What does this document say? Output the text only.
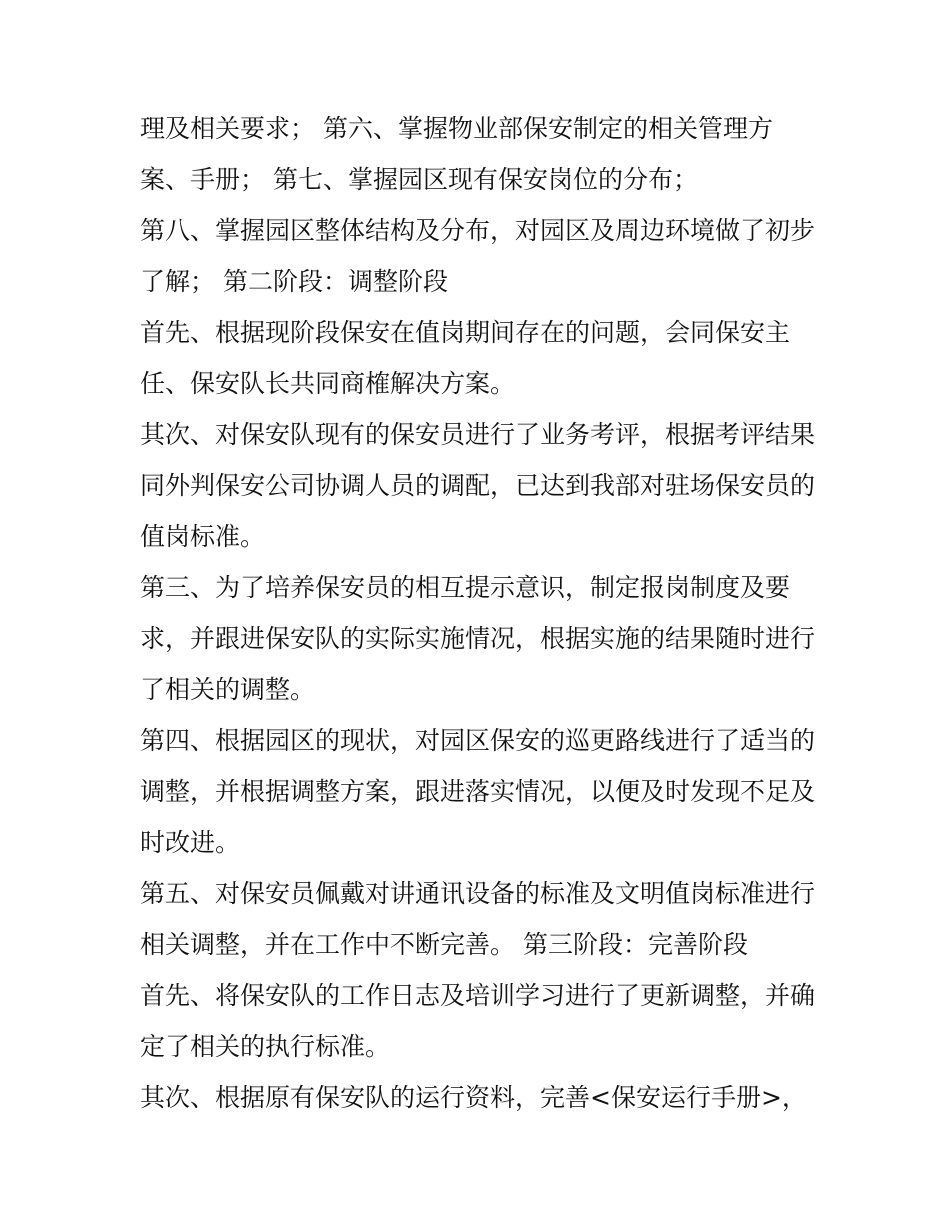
理及相关要求； 第六、掌握物业部保安制定的相关管理方
案、手册； 第七、掌握园区现有保安岗位的分布；
第八、掌握园区整体结构及分布，对园区及周边环境做了初步
了解； 第二阶段：调整阶段
首先、根据现阶段保安在值岗期间存在的问题，会同保安主
任、保安队长共同商榷解决方案。
其次、对保安队现有的保安员进行了业务考评，根据考评结果
同外判保安公司协调人员的调配，已达到我部对驻场保安员的
值岗标准。
第三、为了培养保安员的相互提示意识，制定报岗制度及要
求，并跟进保安队的实际实施情况，根据实施的结果随时进行
了相关的调整。
第四、根据园区的现状，对园区保安的巡更路线进行了适当的
调整，并根据调整方案，跟进落实情况，以便及时发现不足及
时改进。
第五、对保安员佩戴对讲通讯设备的标准及文明值岗标准进行
相关调整，并在工作中不断完善。 第三阶段：完善阶段
首先、将保安队的工作日志及培训学习进行了更新调整，并确
定了相关的执行标准。
其次、根据原有保安队的运行资料，完善<保安运行手册>，
